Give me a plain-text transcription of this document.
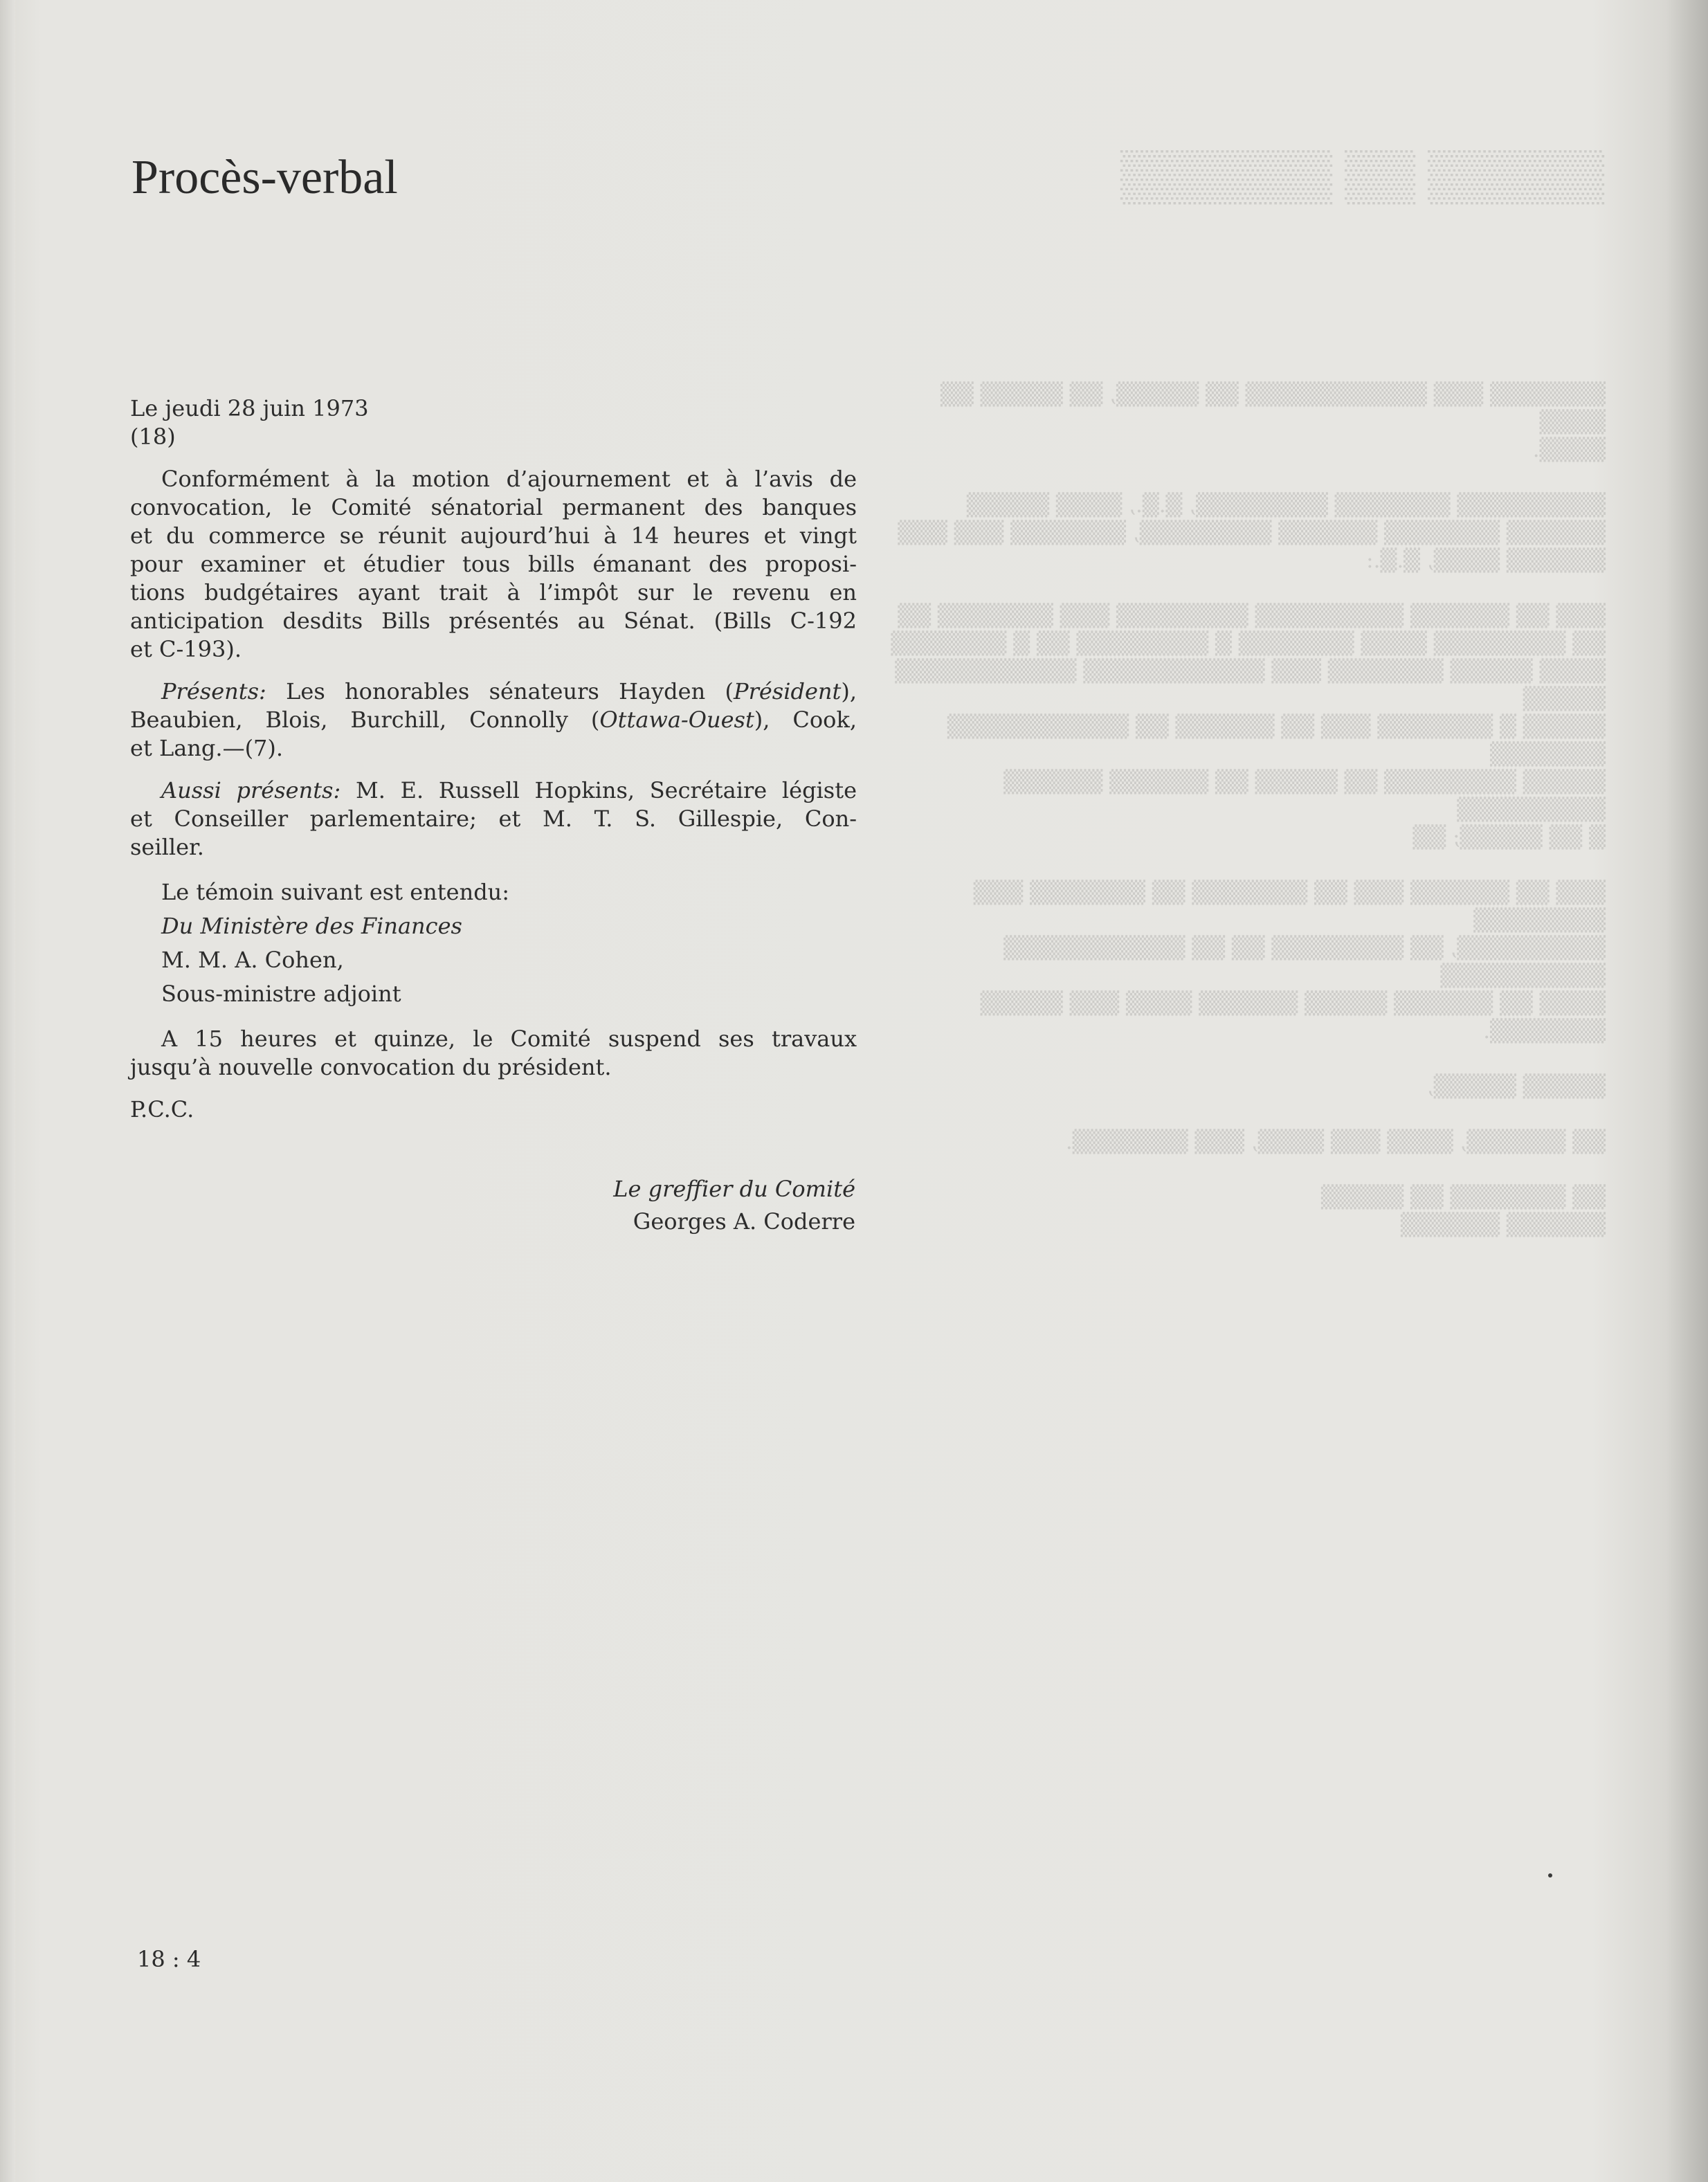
▒▒▒▒▒ ▒▒ ▒▒▒▒▒▒
▒▒▒▒▒▒▒ ▒▒▒ ▒▒▒▒▒▒▒▒▒▒▒ ▒▒ ▒▒▒▒▒, ▒▒ ▒▒▒▒▒ ▒▒ ▒▒▒▒
▒▒▒▒.

▒▒▒▒▒▒▒▒▒ ▒▒▒▒▒▒▒ ▒▒▒▒▒▒▒▒, ▒.▒., ▒▒▒▒ ▒▒▒▒▒
▒▒▒▒▒▒ ▒▒▒▒▒▒▒ ▒▒▒▒▒▒ ▒▒▒▒▒▒▒▒, ▒▒▒▒▒▒▒ ▒▒▒ ▒▒▒
▒▒▒▒▒▒ ▒▒▒▒, ▒.▒.:

▒▒▒ ▒▒ ▒▒▒▒▒▒ ▒▒▒▒▒▒▒▒▒ ▒▒▒▒▒▒▒▒ ▒▒▒ ▒▒▒▒▒▒▒ ▒▒
▒▒ ▒▒▒▒▒▒▒▒ ▒▒▒▒ ▒▒▒▒▒▒▒ ▒ ▒▒▒▒▒▒▒▒ ▒▒ ▒ ▒▒▒▒▒▒▒
▒▒▒▒ ▒▒▒▒▒ ▒▒▒▒▒▒▒ ▒▒▒ ▒▒▒▒▒▒▒▒▒▒▒ ▒▒▒▒▒▒▒▒▒▒▒ ▒▒▒▒▒
▒▒▒▒▒ ▒ ▒▒▒▒▒▒▒ ▒▒▒ ▒▒ ▒▒▒▒▒▒ ▒▒ ▒▒▒▒▒▒▒▒▒▒▒ ▒▒▒▒▒▒▒
▒▒▒▒▒ ▒▒▒▒▒▒▒▒ ▒▒ ▒▒▒▒▒ ▒▒ ▒▒▒▒▒▒ ▒▒▒▒▒▒ ▒▒▒▒▒▒▒▒▒
▒ ▒▒ ▒▒▒▒▒; ▒▒

▒▒▒ ▒▒ ▒▒▒▒▒▒ ▒▒▒ ▒▒ ▒▒▒▒▒▒▒ ▒▒ ▒▒▒▒▒▒▒ ▒▒▒ ▒▒▒▒▒▒▒▒
▒▒▒▒▒▒▒▒▒, ▒▒ ▒▒▒▒▒▒▒▒ ▒▒ ▒▒ ▒▒▒▒▒▒▒▒▒▒▒ ▒▒▒▒▒▒▒▒▒▒
▒▒▒▒ ▒▒ ▒▒▒▒▒▒ ▒▒▒▒▒ ▒▒▒▒▒▒ ▒▒▒▒ ▒▒▒ ▒▒▒▒▒ ▒▒▒▒▒▒▒.

▒▒▒▒▒ ▒▒▒▒▒,

▒▒ ▒▒▒▒▒▒, ▒▒▒▒ ▒▒▒ ▒▒▒▒, ▒▒▒ ▒▒▒▒▒▒▒.

▒▒ ▒▒▒▒▒▒▒ ▒▒ ▒▒▒▒▒
▒▒▒▒▒▒ ▒▒▒▒▒▒
Procès-verbal
Le jeudi 28 juin 1973
(18)
Conformément à la motion d’ajournement et à l’avis de
convocation, le Comité sénatorial permanent des banques
et du commerce se réunit aujourd’hui à 14 heures et vingt
pour examiner et étudier tous bills émanant des proposi-
tions budgétaires ayant trait à l’impôt sur le revenu en
anticipation desdits Bills présentés au Sénat. (Bills C-192
et C-193).
Présents: Les honorables sénateurs Hayden (Président),
Beaubien, Blois, Burchill, Connolly (Ottawa-Ouest), Cook,
et Lang.—(7).
Aussi présents: M. E. Russell Hopkins, Secrétaire légiste
et Conseiller parlementaire; et M. T. S. Gillespie, Con-
seiller.
Le témoin suivant est entendu:
Du Ministère des Finances
M. M. A. Cohen,
Sous-ministre adjoint
A 15 heures et quinze, le Comité suspend ses travaux
jusqu’à nouvelle convocation du président.
P.C.C.
Le greffier du Comité
Georges A. Coderre
18 : 4
